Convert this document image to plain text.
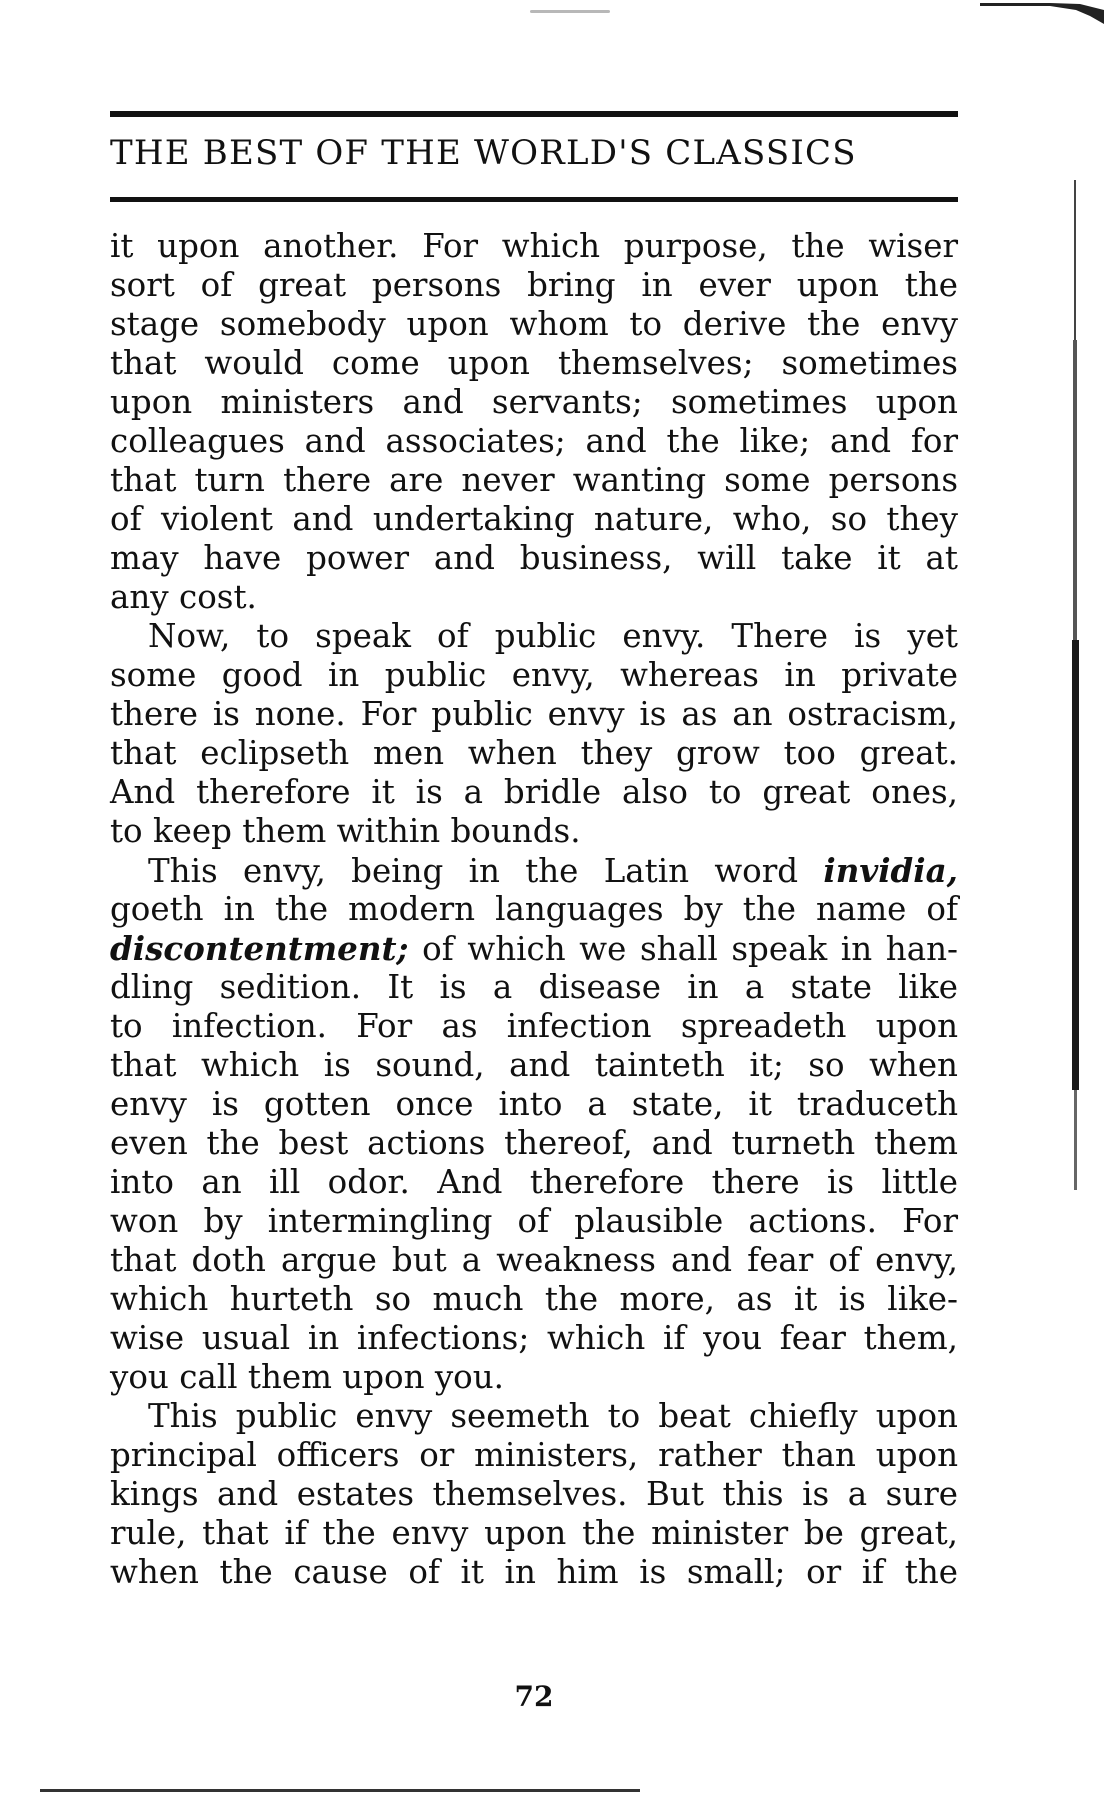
THE BEST OF THE WORLD'S CLASSICS
it upon another. For which purpose, the wiser
sort of great persons bring in ever upon the
stage somebody upon whom to derive the envy
that would come upon themselves; sometimes
upon ministers and servants; sometimes upon
colleagues and associates; and the like; and for
that turn there are never wanting some persons
of violent and undertaking nature, who, so they
may have power and business, will take it at
any cost.
Now, to speak of public envy. There is yet
some good in public envy, whereas in private
there is none. For public envy is as an ostracism,
that eclipseth men when they grow too great.
And therefore it is a bridle also to great ones,
to keep them within bounds.
This envy, being in the Latin word invidia,
goeth in the modern languages by the name of
discontentment; of which we shall speak in han-
dling sedition. It is a disease in a state like
to infection. For as infection spreadeth upon
that which is sound, and tainteth it; so when
envy is gotten once into a state, it traduceth
even the best actions thereof, and turneth them
into an ill odor. And therefore there is little
won by intermingling of plausible actions. For
that doth argue but a weakness and fear of envy,
which hurteth so much the more, as it is like-
wise usual in infections; which if you fear them,
you call them upon you.
This public envy seemeth to beat chiefly upon
principal officers or ministers, rather than upon
kings and estates themselves. But this is a sure
rule, that if the envy upon the minister be great,
when the cause of it in him is small; or if the
72
